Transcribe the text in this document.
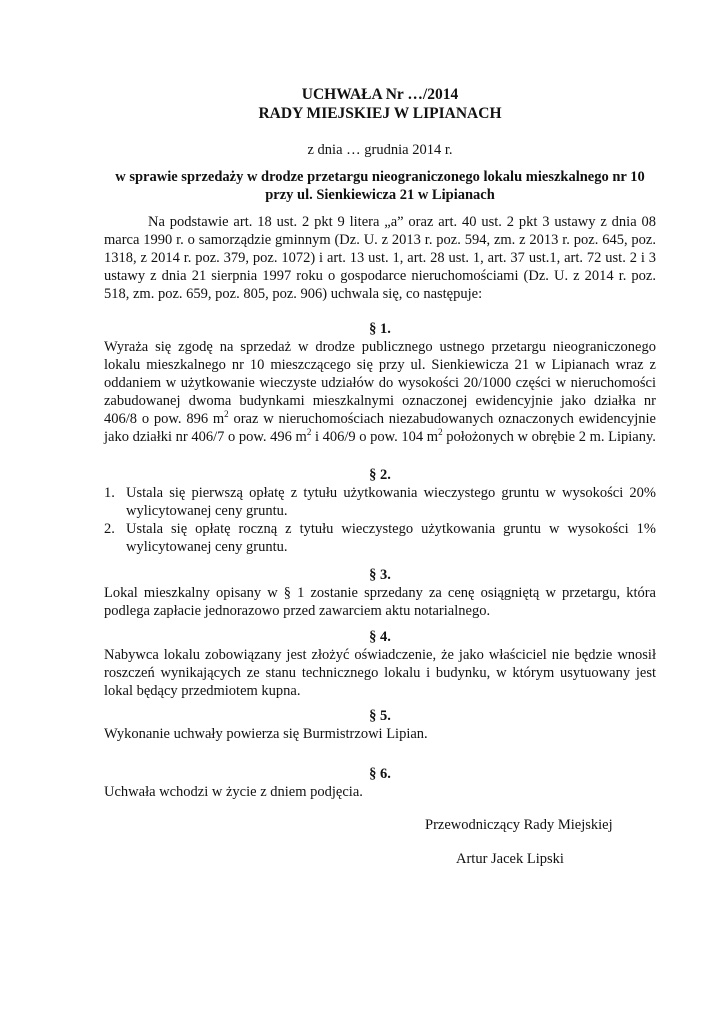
UCHWAŁA Nr …/2014
RADY MIEJSKIEJ W LIPIANACH
z dnia … grudnia 2014 r.
w sprawie sprzedaży w drodze przetargu nieograniczonego lokalu mieszkalnego nr 10
przy ul. Sienkiewicza 21 w Lipianach

Na podstawie art. 18 ust. 2 pkt 9 litera „a” oraz art. 40 ust. 2 pkt 3 ustawy z dnia 08 marca 1990 r. o samorządzie gminnym (Dz. U. z 2013 r. poz. 594, zm. z 2013 r. poz. 645, poz. 1318, z 2014 r. poz. 379, poz. 1072) i art. 13 ust. 1, art. 28 ust. 1, art. 37 ust.1, art. 72 ust. 2 i 3 ustawy z dnia 21 sierpnia 1997 roku o gospodarce nieruchomościami (Dz. U. z 2014 r. poz. 518, zm. poz. 659, poz. 805, poz. 906) uchwala się, co następuje:

§ 1.

Wyraża się zgodę na sprzedaż w drodze publicznego ustnego przetargu nieograniczonego lokalu mieszkalnego nr 10 mieszczącego się przy ul. Sienkiewicza 21 w Lipianach wraz z oddaniem w użytkowanie wieczyste udziałów do wysokości 20/1000 części w nieruchomości zabudowanej dwoma budynkami mieszkalnymi oznaczonej ewidencyjnie jako działka nr 406/8 o pow. 896 $m^2$ oraz w nieruchomościach niezabudowanych oznaczonych ewidencyjnie jako działki nr 406/7 o pow. 496 $m^2$ i 406/9 o pow. 104 $m^2$ położonych w obrębie 2 m. Lipiany.

§ 2.
1. Ustala się pierwszą opłatę z tytułu użytkowania wieczystego gruntu w wysokości 20% wylicytowanej ceny gruntu.
2. Ustala się opłatę roczną z tytułu wieczystego użytkowania gruntu w wysokości 1% wylicytowanej ceny gruntu.
§ 3.

Lokal mieszkalny opisany w § 1 zostanie sprzedany za cenę osiągniętą w przetargu, która podlega zapłacie jednorazowo przed zawarciem aktu notarialnego.

§ 4.

Nabywca lokalu zobowiązany jest złożyć oświadczenie, że jako właściciel nie będzie wnosił roszczeń wynikających ze stanu technicznego lokalu i budynku, w którym usytuowany jest lokal będący przedmiotem kupna.

§ 5.

Wykonanie uchwały powierza się Burmistrzowi Lipian.

§ 6.

Uchwała wchodzi w życie z dniem podjęcia.

Przewodniczący Rady Miejskiej
Artur Jacek Lipski
